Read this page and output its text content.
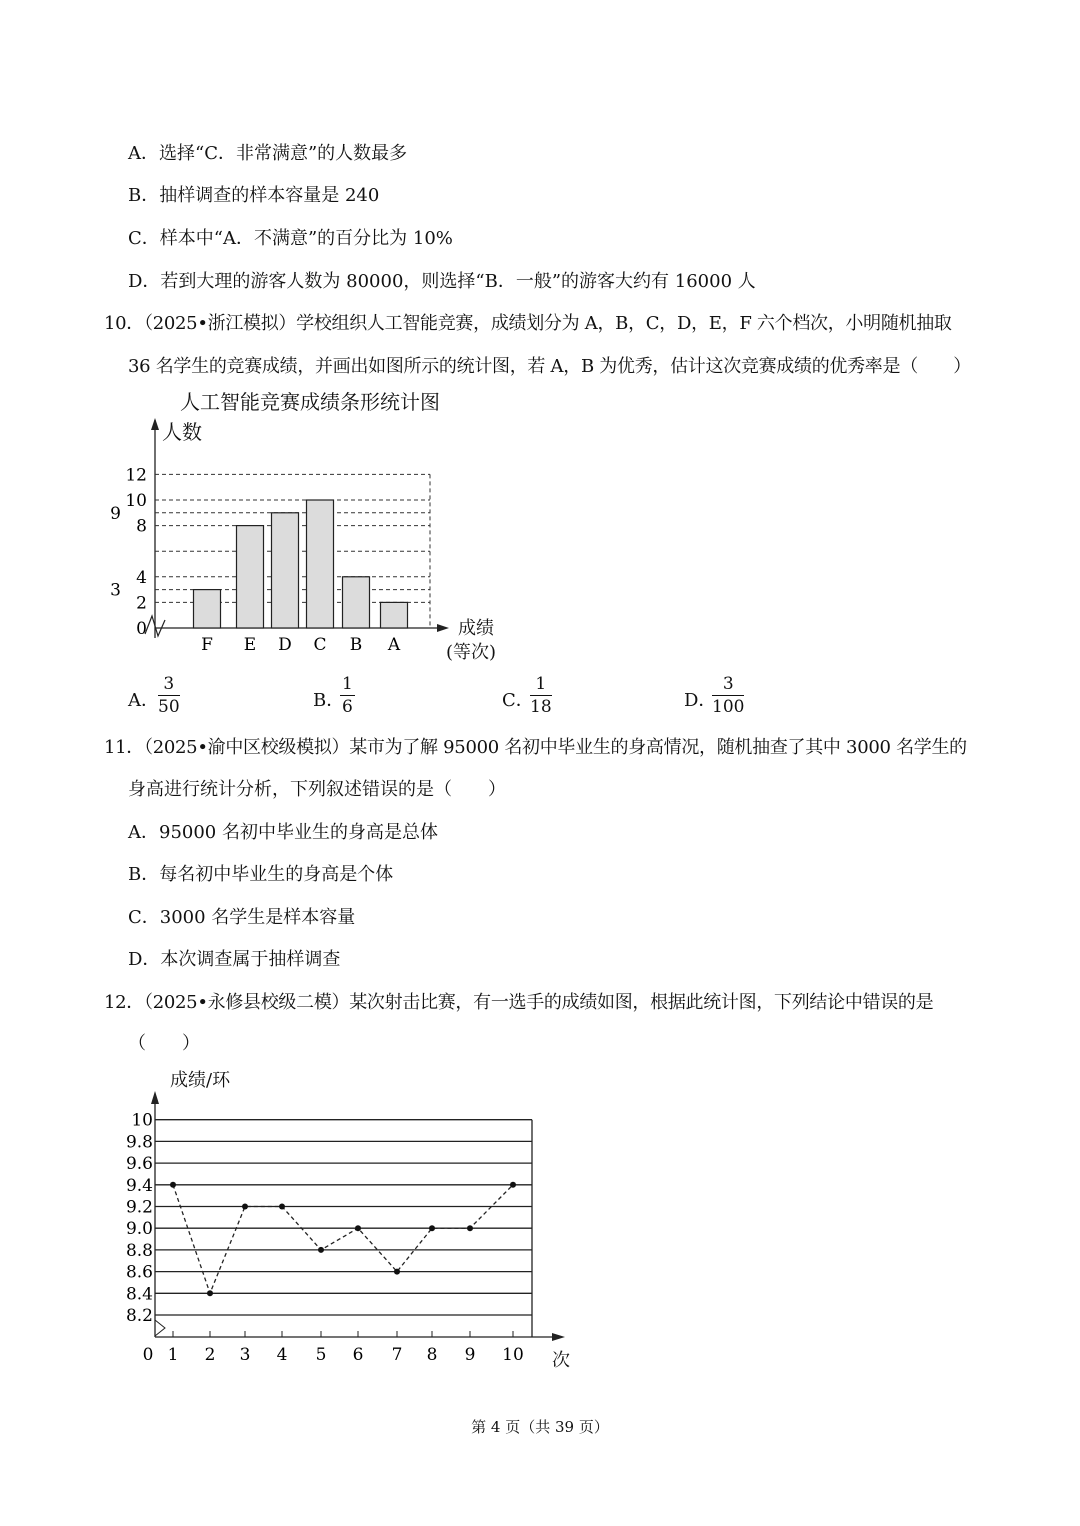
A．选择“C．非常满意”的人数最多
B．抽样调查的样本容量是 240
C．样本中“A．不满意”的百分比为 10%
D．若到大理的游客人数为 80000，则选择“B．一般”的游客大约有 16000 人
10．（2025•浙江模拟）学校组织人工智能竞赛，成绩划分为 A，B，C，D，E，F 六个档次，小明随机抽取
36 名学生的竞赛成绩，并画出如图所示的统计图，若 A，B 为优秀，估计这次竞赛成绩的优秀率是（　　）
人工智能竞赛成绩条形统计图
人数
成绩
(等次)
A． $\frac{3}{50}$	B．
$\frac{1}{6}$	C．
$\frac{1}{18}$	D．
$\frac{3}{100}$
11．（2025•渝中区校级模拟）某市为了解 95000 名初中毕业生的身高情况，随机抽查了其中 3000 名学生的
身高进行统计分析，下列叙述错误的是（　　）
A．95000 名初中毕业生的身高是总体
B．每名初中毕业生的身高是个体
C．3000 名学生是样本容量
D．本次调查属于抽样调查
12．（2025•永修县校级二模）某次射击比赛，有一选手的成绩如图，根据此统计图，下列结论中错误的是
（　　）
成绩/环
次
0
2
3
4
8
9
10
12
F E D C B A
8.2
8.4
8.6
8.8
9.0
9.2
9.4
9.6
9.8
10
0 1 2 3 4 5 6 7 8 9 10
第 4 页（共 39 页）
